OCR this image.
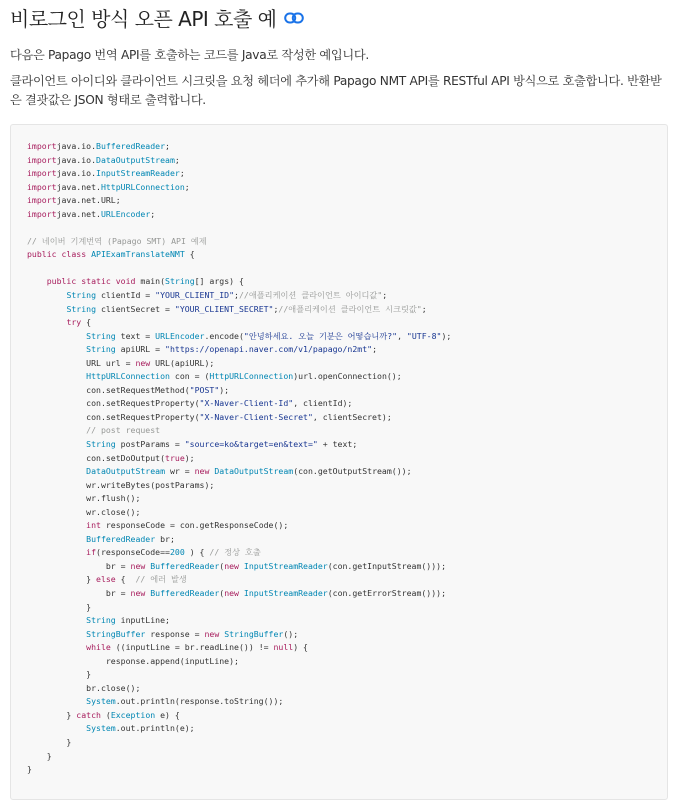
비로그인 방식 오픈 API 호출 예
다음은 Papago 번역 API를 호출하는 코드를 Java로 작성한 예입니다.
클라이언트 아이디와 클라이언트 시크릿을 요청 헤더에 추가해 Papago NMT API를 RESTful API 방식으로 호출합니다. 반환받은 결괏값은 JSON 형태로 출력합니다.
importjava.io.BufferedReader;
importjava.io.DataOutputStream;
importjava.io.InputStreamReader;
importjava.net.HttpURLConnection;
importjava.net.URL;
importjava.net.URLEncoder;
// 네이버 기계번역 (Papago SMT) API 예제
public class APIExamTranslateNMT {
public static void main(String[] args) {
String clientId = "YOUR_CLIENT_ID";//애플리케이션 클라이언트 아이디값";
String clientSecret = "YOUR_CLIENT_SECRET";//애플리케이션 클라이언트 시크릿값";
try {
String text = URLEncoder.encode("안녕하세요. 오늘 기분은 어떻습니까?", "UTF-8");
String apiURL = "https://openapi.naver.com/v1/papago/n2mt";
URL url = new URL(apiURL);
HttpURLConnection con = (HttpURLConnection)url.openConnection();
con.setRequestMethod("POST");
con.setRequestProperty("X-Naver-Client-Id", clientId);
con.setRequestProperty("X-Naver-Client-Secret", clientSecret);
// post request
String postParams = "source=ko&target=en&text=" + text;
con.setDoOutput(true);
DataOutputStream wr = new DataOutputStream(con.getOutputStream());
wr.writeBytes(postParams);
wr.flush();
wr.close();
int responseCode = con.getResponseCode();
BufferedReader br;
if(responseCode==200 ) { // 정상 호출
br = new BufferedReader(new InputStreamReader(con.getInputStream()));
} else {  // 에러 발생
br = new BufferedReader(new InputStreamReader(con.getErrorStream()));
}
String inputLine;
StringBuffer response = new StringBuffer();
while ((inputLine = br.readLine()) != null) {
response.append(inputLine);
}
br.close();
System.out.println(response.toString());
} catch (Exception e) {
System.out.println(e);
}
}
}
